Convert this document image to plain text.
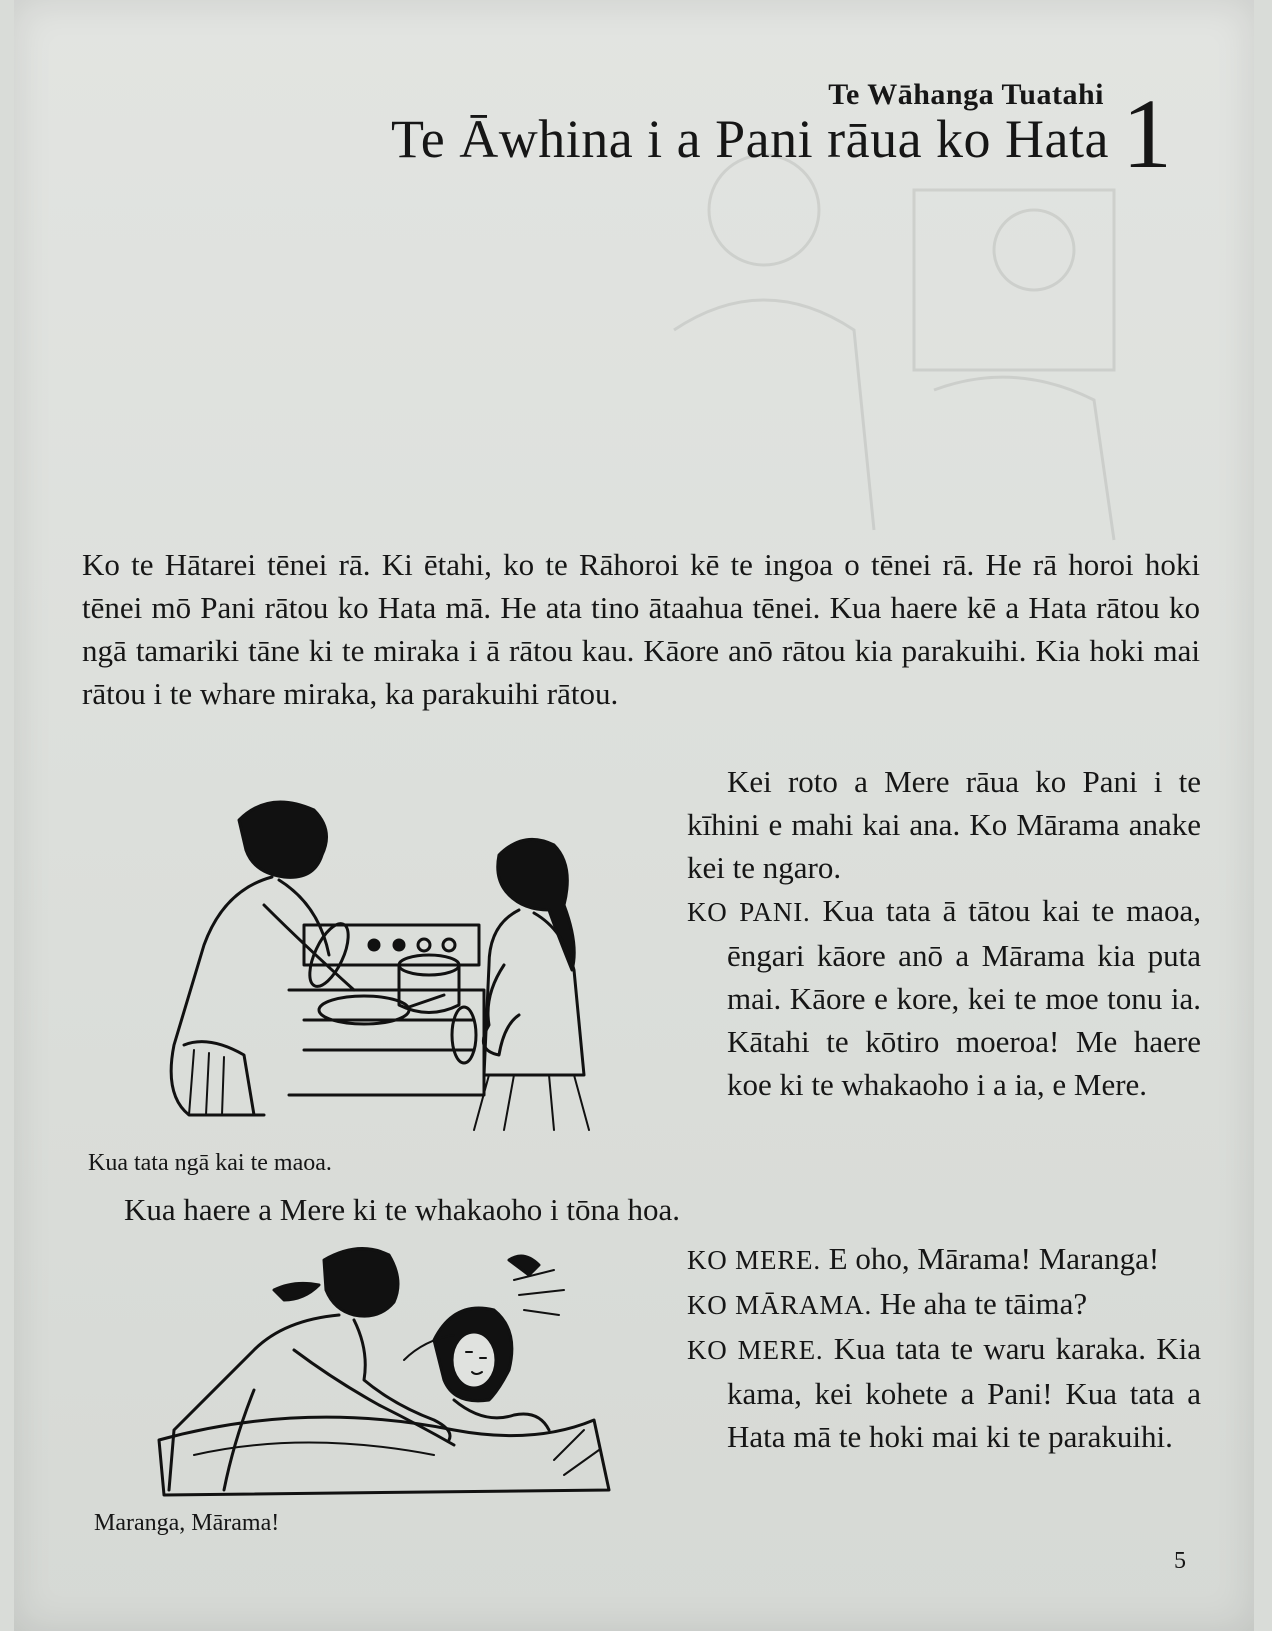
Te Wāhanga Tuatahi
Te Āwhina i a Pani rāua ko Hata 1

Ko te Hātarei tēnei rā. Ki ētahi, ko te Rāhoroi kē te ingoa o tēnei rā. He rā horoi hoki tēnei mō Pani rātou ko Hata mā. He ata tino ātaahua tēnei. Kua haere kē a Hata rātou ko ngā tamariki tāne ki te miraka i ā rātou kau. Kāore anō rātou kia parakuihi. Kia hoki mai rātou i te whare miraka, ka parakuihi rātou.

Kua tata ngā kai te maoa.

Kei roto a Mere rāua ko Pani i te kīhini e mahi kai ana. Ko Mārama anake kei te ngaro.

KO PANI. Kua tata ā tātou kai te maoa, ēngari kāore anō a Mārama kia puta mai. Kāore e kore, kei te moe tonu ia. Kātahi te kōtiro moeroa! Me haere koe ki te whakaoho i a ia, e Mere.

Kua haere a Mere ki te whakaoho i tōna hoa.
Maranga, Mārama!

KO MERE. E oho, Mārama! Maranga!

KO MĀRAMA. He aha te tāima?

KO MERE. Kua tata te waru karaka. Kia kama, kei kohete a Pani! Kua tata a Hata mā te hoki mai ki te parakuihi.

5
